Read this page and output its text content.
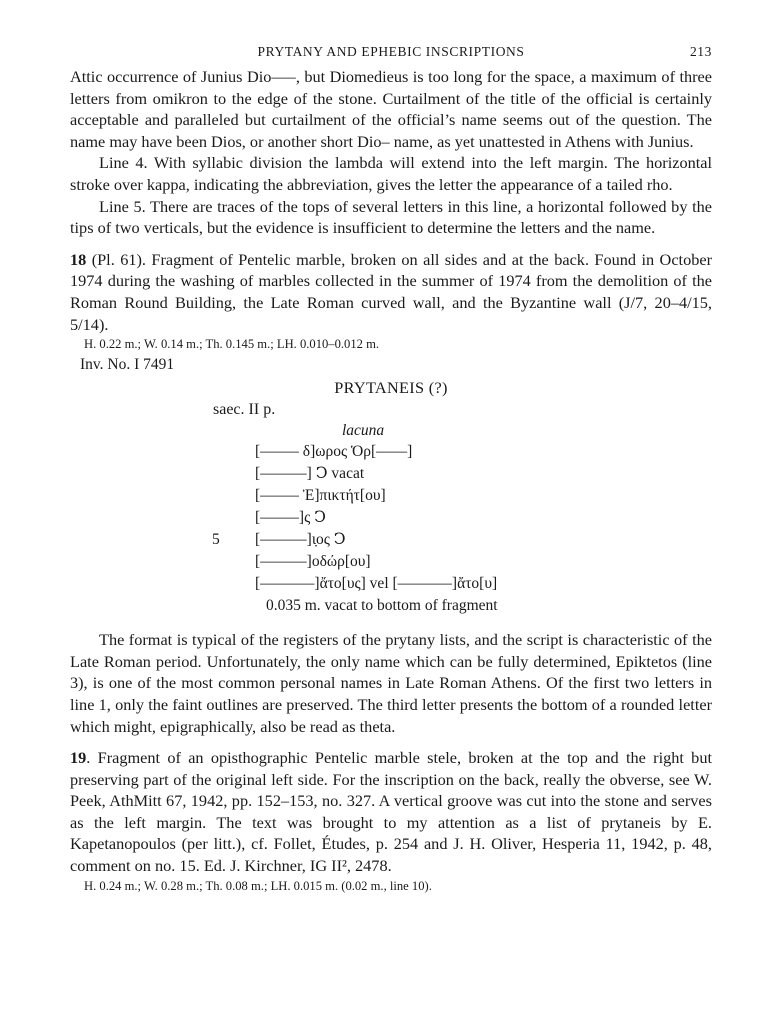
PRYTANY AND EPHEBIC INSCRIPTIONS	213

Attic occurrence of Junius Dio–––, but Diomedieus is too long for the space, a maximum of three letters from omikron to the edge of the stone. Curtailment of the title of the official is certainly acceptable and paralleled but curtailment of the official’s name seems out of the question. The name may have been Dios, or another short Dio– name, as yet unattested in Athens with Junius.

Line 4. With syllabic division the lambda will extend into the left margin. The horizontal stroke over kappa, indicating the abbreviation, gives the letter the appearance of a tailed rho.

Line 5. There are traces of the tops of several letters in this line, a horizontal followed by the tips of two verticals, but the evidence is insufficient to determine the letters and the name.

18 (Pl. 61). Fragment of Pentelic marble, broken on all sides and at the back. Found in October 1974 during the washing of marbles collected in the summer of 1974 from the demolition of the Roman Round Building, the Late Roman curved wall, and the Byzantine wall (J/7, 20–4/15, 5/14).

H. 0.22 m.; W. 0.14 m.; Th. 0.145 m.; LH. 0.010–0.012 m.

Inv. No. I 7491

PRYTANEIS (?)
saec. II p.
lacuna
[––––– δ]ωρος Ὁρ[––––]
[––––––] Ↄ vacat
[––––– Ἐ]πικτήτ[ου]
[–––––]ς Ↄ
5	[––––––]ι̣ος Ↄ
[––––––]οδώρ[ου]
[–––––––]ἄτο[υς] vel [–––––––]ἄτο[υ]
0.035 m. vacat to bottom of fragment

The format is typical of the registers of the prytany lists, and the script is characteristic of the Late Roman period. Unfortunately, the only name which can be fully determined, Epiktetos (line 3), is one of the most common personal names in Late Roman Athens. Of the first two letters in line 1, only the faint outlines are preserved. The third letter presents the bottom of a rounded letter which might, epigraphically, also be read as theta.

19. Fragment of an opisthographic Pentelic marble stele, broken at the top and the right but preserving part of the original left side. For the inscription on the back, really the obverse, see W. Peek, AthMitt 67, 1942, pp. 152–153, no. 327. A vertical groove was cut into the stone and serves as the left margin. The text was brought to my attention as a list of prytaneis by E. Kapetanopoulos (per litt.), cf. Follet, Études, p. 254 and J. H. Oliver, Hesperia 11, 1942, p. 48, comment on no. 15. Ed. J. Kirchner, IG II², 2478.

H. 0.24 m.; W. 0.28 m.; Th. 0.08 m.; LH. 0.015 m. (0.02 m., line 10).
